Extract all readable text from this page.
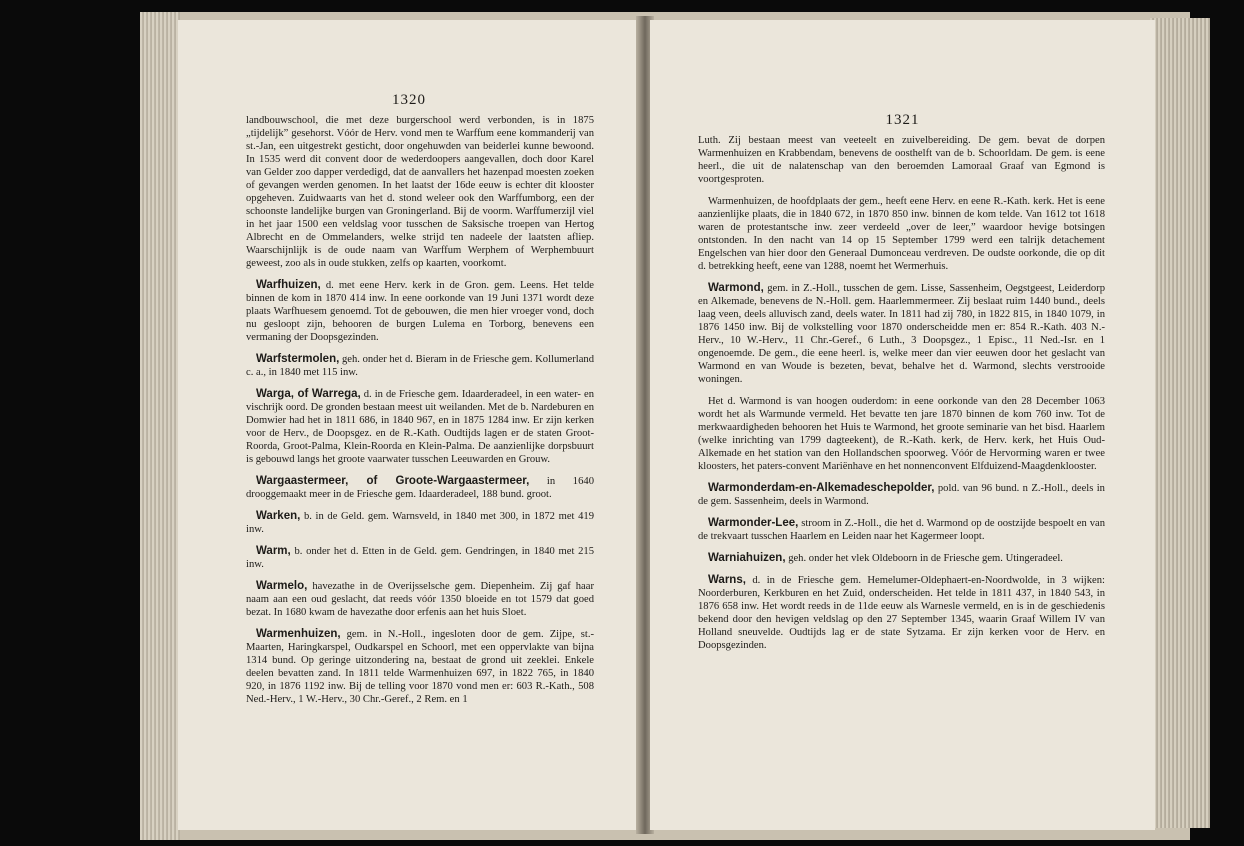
1320

landbouwschool, die met deze burgerschool werd verbonden, is in 1875 „tijdelijk” gesehorst. Vóór de Herv. vond men te Warffum eene kommanderij van st.-Jan, een uitgestrekt gesticht, door ongehuwden van beiderlei kunne bewoond. In 1535 werd dit convent door de wederdoopers aangevallen, doch door Karel van Gelder zoo dapper verdedigd, dat de aanvallers het hazenpad moesten zoeken of gevangen werden genomen. In het laatst der 16de eeuw is echter dit klooster opgeheven. Zuidwaarts van het d. stond weleer ook den Warffumborg, een der schoonste landelijke burgen van Groningerland. Bij de voorm. Warffumerzijl viel in het jaar 1500 een veldslag voor tusschen de Saksische troepen van Hertog Albrecht en de Ommelanders, welke strijd ten nadeele der laatsten afliep. Waarschijnlijk is de oude naam van Warffum Werphem of Werphembuurt geweest, zoo als in oude stukken, zelfs op kaarten, voorkomt.

Warfhuizen, d. met eene Herv. kerk in de Gron. gem. Leens. Het telde binnen de kom in 1870 414 inw. In eene oorkonde van 19 Juni 1371 wordt deze plaats Warfhuesem genoemd. Tot de gebouwen, die men hier vroeger vond, doch nu gesloopt zijn, behooren de burgen Lulema en Torborg, benevens een vermaning der Doopsgezinden.

Warfstermolen, geh. onder het d. Bieram in de Friesche gem. Kollumerland c. a., in 1840 met 115 inw.

Warga, of Warrega, d. in de Friesche gem. Idaarderadeel, in een water- en vischrijk oord. De gronden bestaan meest uit weilanden. Met de b. Nardeburen en Domwier had het in 1811 686, in 1840 967, en in 1875 1284 inw. Er zijn kerken voor de Herv., de Doopsgez. en de R.-Kath. Oudtijds lagen er de staten Groot-Roorda, Groot-Palma, Klein-Roorda en Klein-Palma. De aanzienlijke dorpsbuurt is gebouwd langs het groote vaarwater tusschen Leeuwarden en Grouw.

Wargaastermeer, of Groote-Wargaastermeer, in 1640 drooggemaakt meer in de Friesche gem. Idaarderadeel, 188 bund. groot.

Warken, b. in de Geld. gem. Warnsveld, in 1840 met 300, in 1872 met 419 inw.

Warm, b. onder het d. Etten in de Geld. gem. Gendringen, in 1840 met 215 inw.

Warmelo, havezathe in de Overijsselsche gem. Diepenheim. Zij gaf haar naam aan een oud geslacht, dat reeds vóór 1350 bloeide en tot 1579 dat goed bezat. In 1680 kwam de havezathe door erfenis aan het huis Sloet.

Warmenhuizen, gem. in N.-Holl., ingesloten door de gem. Zijpe, st.-Maarten, Haringkarspel, Oudkarspel en Schoorl, met een oppervlakte van bijna 1314 bund. Op geringe uitzondering na, bestaat de grond uit zeeklei. Enkele deelen bevatten zand. In 1811 telde Warmenhuizen 697, in 1822 765, in 1840 920, in 1876 1192 inw. Bij de telling voor 1870 vond men er: 603 R.-Kath., 508 Ned.-Herv., 1 W.-Herv., 30 Chr.-Geref., 2 Rem. en 1

1321

Luth. Zij bestaan meest van veeteelt en zuivelbereiding. De gem. bevat de dorpen Warmenhuizen en Krabbendam, benevens de oosthelft van de b. Schoorldam. De gem. is eene heerl., die uit de nalatenschap van den beroemden Lamoraal Graaf van Egmond is voortgesproten.

Warmenhuizen, de hoofdplaats der gem., heeft eene Herv. en eene R.-Kath. kerk. Het is eene aanzienlijke plaats, die in 1840 672, in 1870 850 inw. binnen de kom telde. Van 1612 tot 1618 waren de protestantsche inw. zeer verdeeld „over de leer,” waardoor hevige botsingen ontstonden. In den nacht van 14 op 15 September 1799 werd een talrijk detachement Engelschen van hier door den Generaal Dumonceau verdreven. De oudste oorkonde, die op dit d. betrekking heeft, eene van 1288, noemt het Wermerhuis.

Warmond, gem. in Z.-Holl., tusschen de gem. Lisse, Sassenheim, Oegstgeest, Leiderdorp en Alkemade, benevens de N.-Holl. gem. Haarlemmermeer. Zij beslaat ruim 1440 bund., deels laag veen, deels alluvisch zand, deels water. In 1811 had zij 780, in 1822 815, in 1840 1079, in 1876 1450 inw. Bij de volkstelling voor 1870 onderscheidde men er: 854 R.-Kath. 403 N.-Herv., 10 W.-Herv., 11 Chr.-Geref., 6 Luth., 3 Doopsgez., 1 Episc., 11 Ned.-Isr. en 1 ongenoemde. De gem., die eene heerl. is, welke meer dan vier eeuwen door het geslacht van Warmond en van Woude is bezeten, bevat, behalve het d. Warmond, slechts verstrooide woningen.

Het d. Warmond is van hoogen ouderdom: in eene oorkonde van den 28 December 1063 wordt het als Warmunde vermeld. Het bevatte ten jare 1870 binnen de kom 760 inw. Tot de merkwaardigheden behooren het Huis te Warmond, het groote seminarie van het bisd. Haarlem (welke inrichting van 1799 dagteekent), de R.-Kath. kerk, de Herv. kerk, het Huis Oud-Alkemade en het station van den Hollandschen spoorweg. Vóór de Hervorming waren er twee kloosters, het paters-convent Mariënhave en het nonnenconvent Elfduizend-Maagdenklooster.

Warmonderdam-en-Alkemadeschepolder, pold. van 96 bund. n Z.-Holl., deels in de gem. Sassenheim, deels in Warmond.

Warmonder-Lee, stroom in Z.-Holl., die het d. Warmond op de oostzijde bespoelt en van de trekvaart tusschen Haarlem en Leiden naar het Kagermeer loopt.

Warniahuizen, geh. onder het vlek Oldeboorn in de Friesche gem. Utingeradeel.

Warns, d. in de Friesche gem. Hemelumer-Oldephaert-en-Noordwolde, in 3 wijken: Noorderburen, Kerkburen en het Zuid, onderscheiden. Het telde in 1811 437, in 1840 543, in 1876 658 inw. Het wordt reeds in de 11de eeuw als Warnesle vermeld, en is in de geschiedenis bekend door den hevigen veldslag op den 27 September 1345, waarin Graaf Willem IV van Holland sneuvelde. Oudtijds lag er de state Sytzama. Er zijn kerken voor de Herv. en Doopsgezinden.
